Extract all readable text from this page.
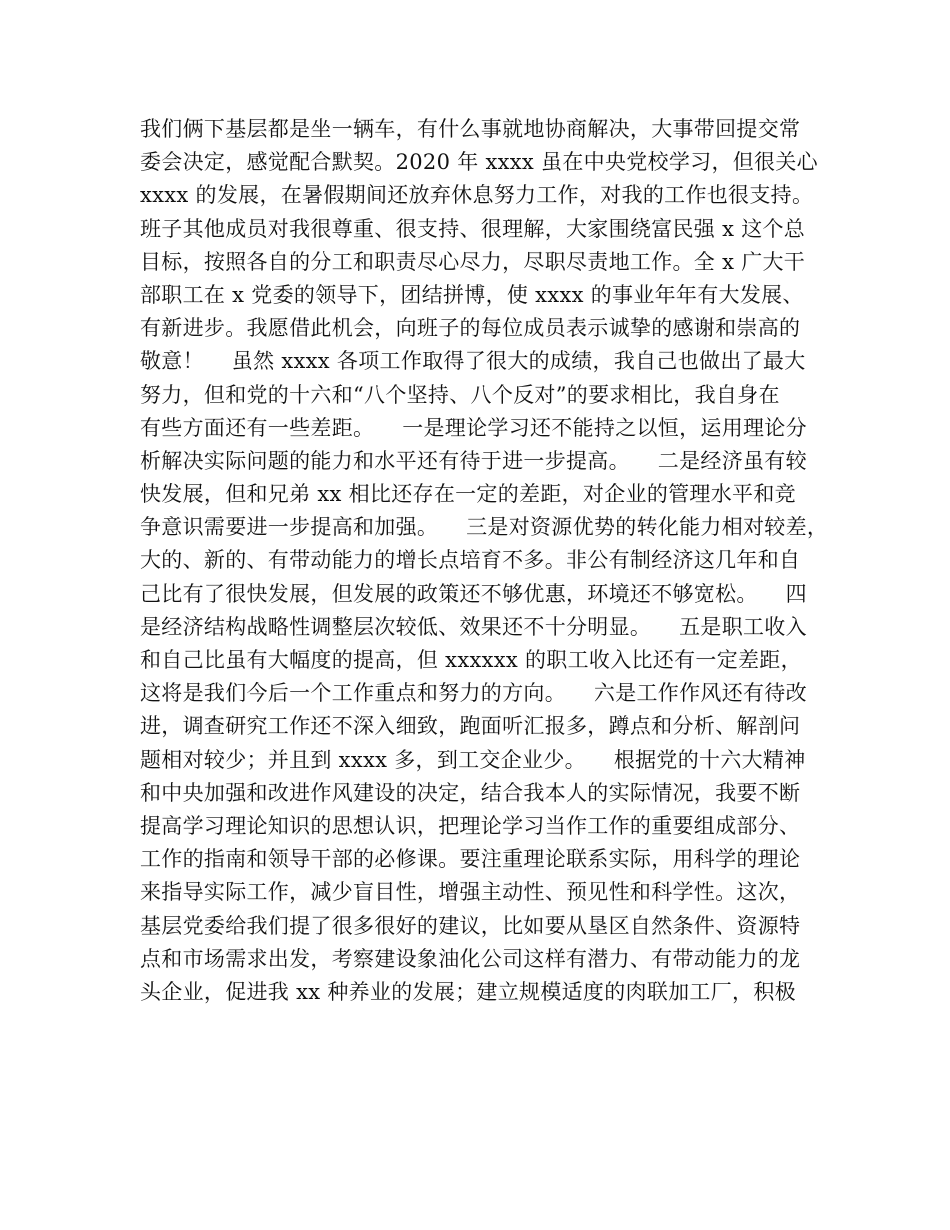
我们俩下基层都是坐一辆车，有什么事就地协商解决，大事带回提交常
委会决定，感觉配合默契。2020 年 xxxx 虽在中央党校学习，但很关心
xxxx 的发展，在暑假期间还放弃休息努力工作，对我的工作也很支持。
班子其他成员对我很尊重、很支持、很理解，大家围绕富民强 x 这个总
目标，按照各自的分工和职责尽心尽力，尽职尽责地工作。全 x 广大干
部职工在 x 党委的领导下，团结拼博，使 xxxx 的事业年年有大发展、
有新进步。我愿借此机会，向班子的每位成员表示诚挚的感谢和崇高的
敬意！    虽然 xxxx 各项工作取得了很大的成绩，我自己也做出了最大
努力，但和党的十六和“八个坚持、八个反对”的要求相比，我自身在
有些方面还有一些差距。    一是理论学习还不能持之以恒，运用理论分
析解决实际问题的能力和水平还有待于进一步提高。    二是经济虽有较
快发展，但和兄弟 xx 相比还存在一定的差距，对企业的管理水平和竞
争意识需要进一步提高和加强。    三是对资源优势的转化能力相对较差，
大的、新的、有带动能力的增长点培育不多。非公有制经济这几年和自
己比有了很快发展，但发展的政策还不够优惠，环境还不够宽松。    四
是经济结构战略性调整层次较低、效果还不十分明显。    五是职工收入
和自己比虽有大幅度的提高，但 xxxxxx 的职工收入比还有一定差距，
这将是我们今后一个工作重点和努力的方向。    六是工作作风还有待改
进，调查研究工作还不深入细致，跑面听汇报多，蹲点和分析、解剖问
题相对较少；并且到 xxxx 多，到工交企业少。    根据党的十六大精神
和中央加强和改进作风建设的决定，结合我本人的实际情况，我要不断
提高学习理论知识的思想认识，把理论学习当作工作的重要组成部分、
工作的指南和领导干部的必修课。要注重理论联系实际，用科学的理论
来指导实际工作，减少盲目性，增强主动性、预见性和科学性。这次，
基层党委给我们提了很多很好的建议，比如要从垦区自然条件、资源特
点和市场需求出发，考察建设象油化公司这样有潜力、有带动能力的龙
头企业，促进我 xx 种养业的发展；建立规模适度的肉联加工厂，积极
